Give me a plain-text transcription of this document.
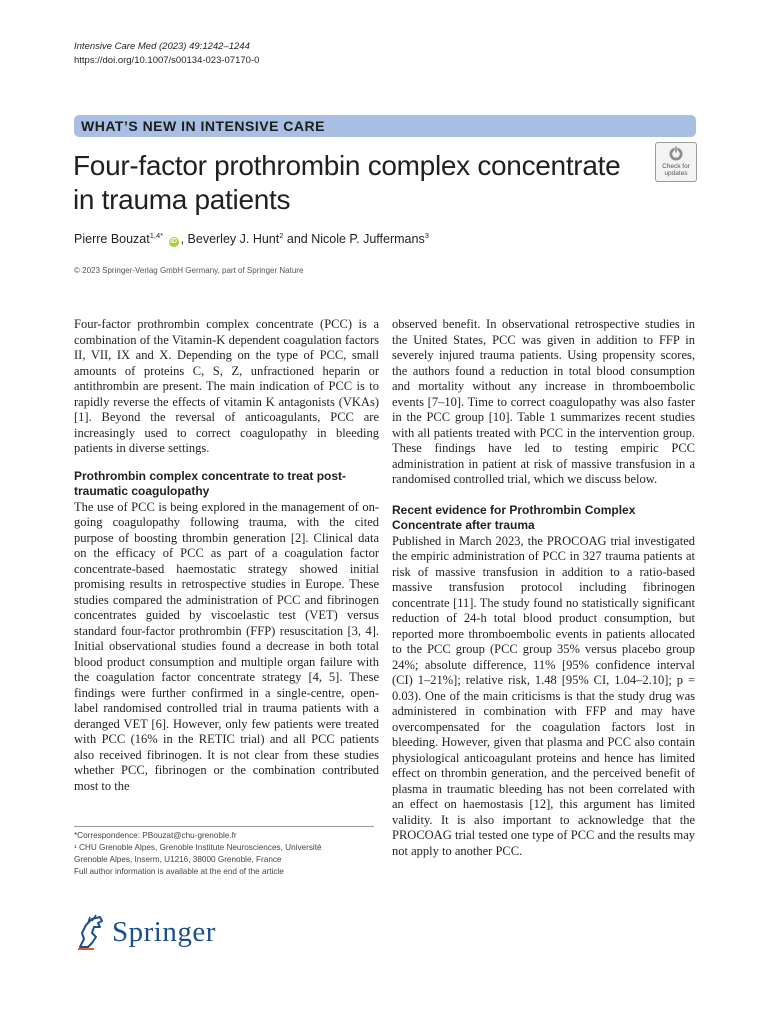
Intensive Care Med (2023) 49:1242–1244
https://doi.org/10.1007/s00134-023-07170-0
WHAT’S NEW IN INTENSIVE CARE
Check for
updates
Four-factor prothrombin complex concentrate in trauma patients
Pierre Bouzat$^{1,4*}$ iD , Beverley J. Hunt$^2$ and Nicole P. Juffermans$^3$
© 2023 Springer-Verlag GmbH Germany, part of Springer Nature

Four-factor prothrombin complex concentrate (PCC) is a combination of the Vitamin-K dependent coagulation factors II, VII, IX and X. Depending on the type of PCC, small amounts of proteins C, S, Z, unfractioned heparin or antithrombin are present. The main indication of PCC is to rapidly reverse the effects of vitamin K antagonists (VKAs) [1]. Beyond the reversal of anticoagulants, PCC are increasingly used to correct coagulopathy in bleeding patients in diverse settings.

Prothrombin complex concentrate to treat post-traumatic coagulopathy

The use of PCC is being explored in the management of on-going coagulopathy following trauma, with the cited purpose of boosting thrombin generation [2]. Clinical data on the efficacy of PCC as part of a coagulation factor concentrate-based haemostatic strategy showed initial promising results in retrospective studies in Europe. These studies compared the administration of PCC and fibrinogen concentrates guided by viscoelastic test (VET) versus standard four-factor prothrombin (FFP) resuscitation [3, 4]. Initial observational studies found a decrease in both total blood product consumption and multiple organ failure with the coagulation factor concentrate strategy [4, 5]. These findings were further confirmed in a single-centre, open-label randomised controlled trial in trauma patients with a deranged VET [6]. However, only few patients were treated with PCC (16% in the RETIC trial) and all PCC patients also received fibrinogen. It is not clear from these studies whether PCC, fibrinogen or the combination contributed most to the

observed benefit. In observational retrospective studies in the United States, PCC was given in addition to FFP in severely injured trauma patients. Using propensity scores, the authors found a reduction in total blood consumption and mortality without any increase in thromboembolic events [7–10]. Time to correct coagulopathy was also faster in the PCC group [10]. Table 1 summarizes recent studies with all patients treated with PCC in the intervention group. These findings have led to testing empiric PCC administration in patient at risk of massive transfusion in a randomised controlled trial, which we discuss below.

Recent evidence for Prothrombin Complex Concentrate after trauma

Published in March 2023, the PROCOAG trial investigated the empiric administration of PCC in 327 trauma patients at risk of massive transfusion in addition to a ratio-based massive transfusion protocol including fibrinogen concentrate [11]. The study found no statistically significant reduction of 24-h total blood product consumption, but reported more thromboembolic events in patients allocated to the PCC group (PCC group 35% versus placebo group 24%; absolute difference, 11% [95% confidence interval (CI) 1–21%]; relative risk, 1.48 [95% CI, 1.04–2.10]; p = 0.03). One of the main criticisms is that the study drug was administered in combination with FFP and may have overcompensated for the coagulation factors lost in bleeding. However, given that plasma and PCC also contain physiological anticoagulant proteins and hence has limited effect on thrombin generation, and the perceived benefit of plasma in traumatic bleeding has not been correlated with an effect on haemostasis [12], this argument has limited validity. It is also important to acknowledge that the PROCOAG trial tested one type of PCC and the results may not apply to another PCC.

*Correspondence: PBouzat@chu-grenoble.fr
¹ CHU Grenoble Alpes, Grenoble Institute Neurosciences, Université
Grenoble Alpes, Inserm, U1216, 38000 Grenoble, France
Full author information is available at the end of the article
Springer
